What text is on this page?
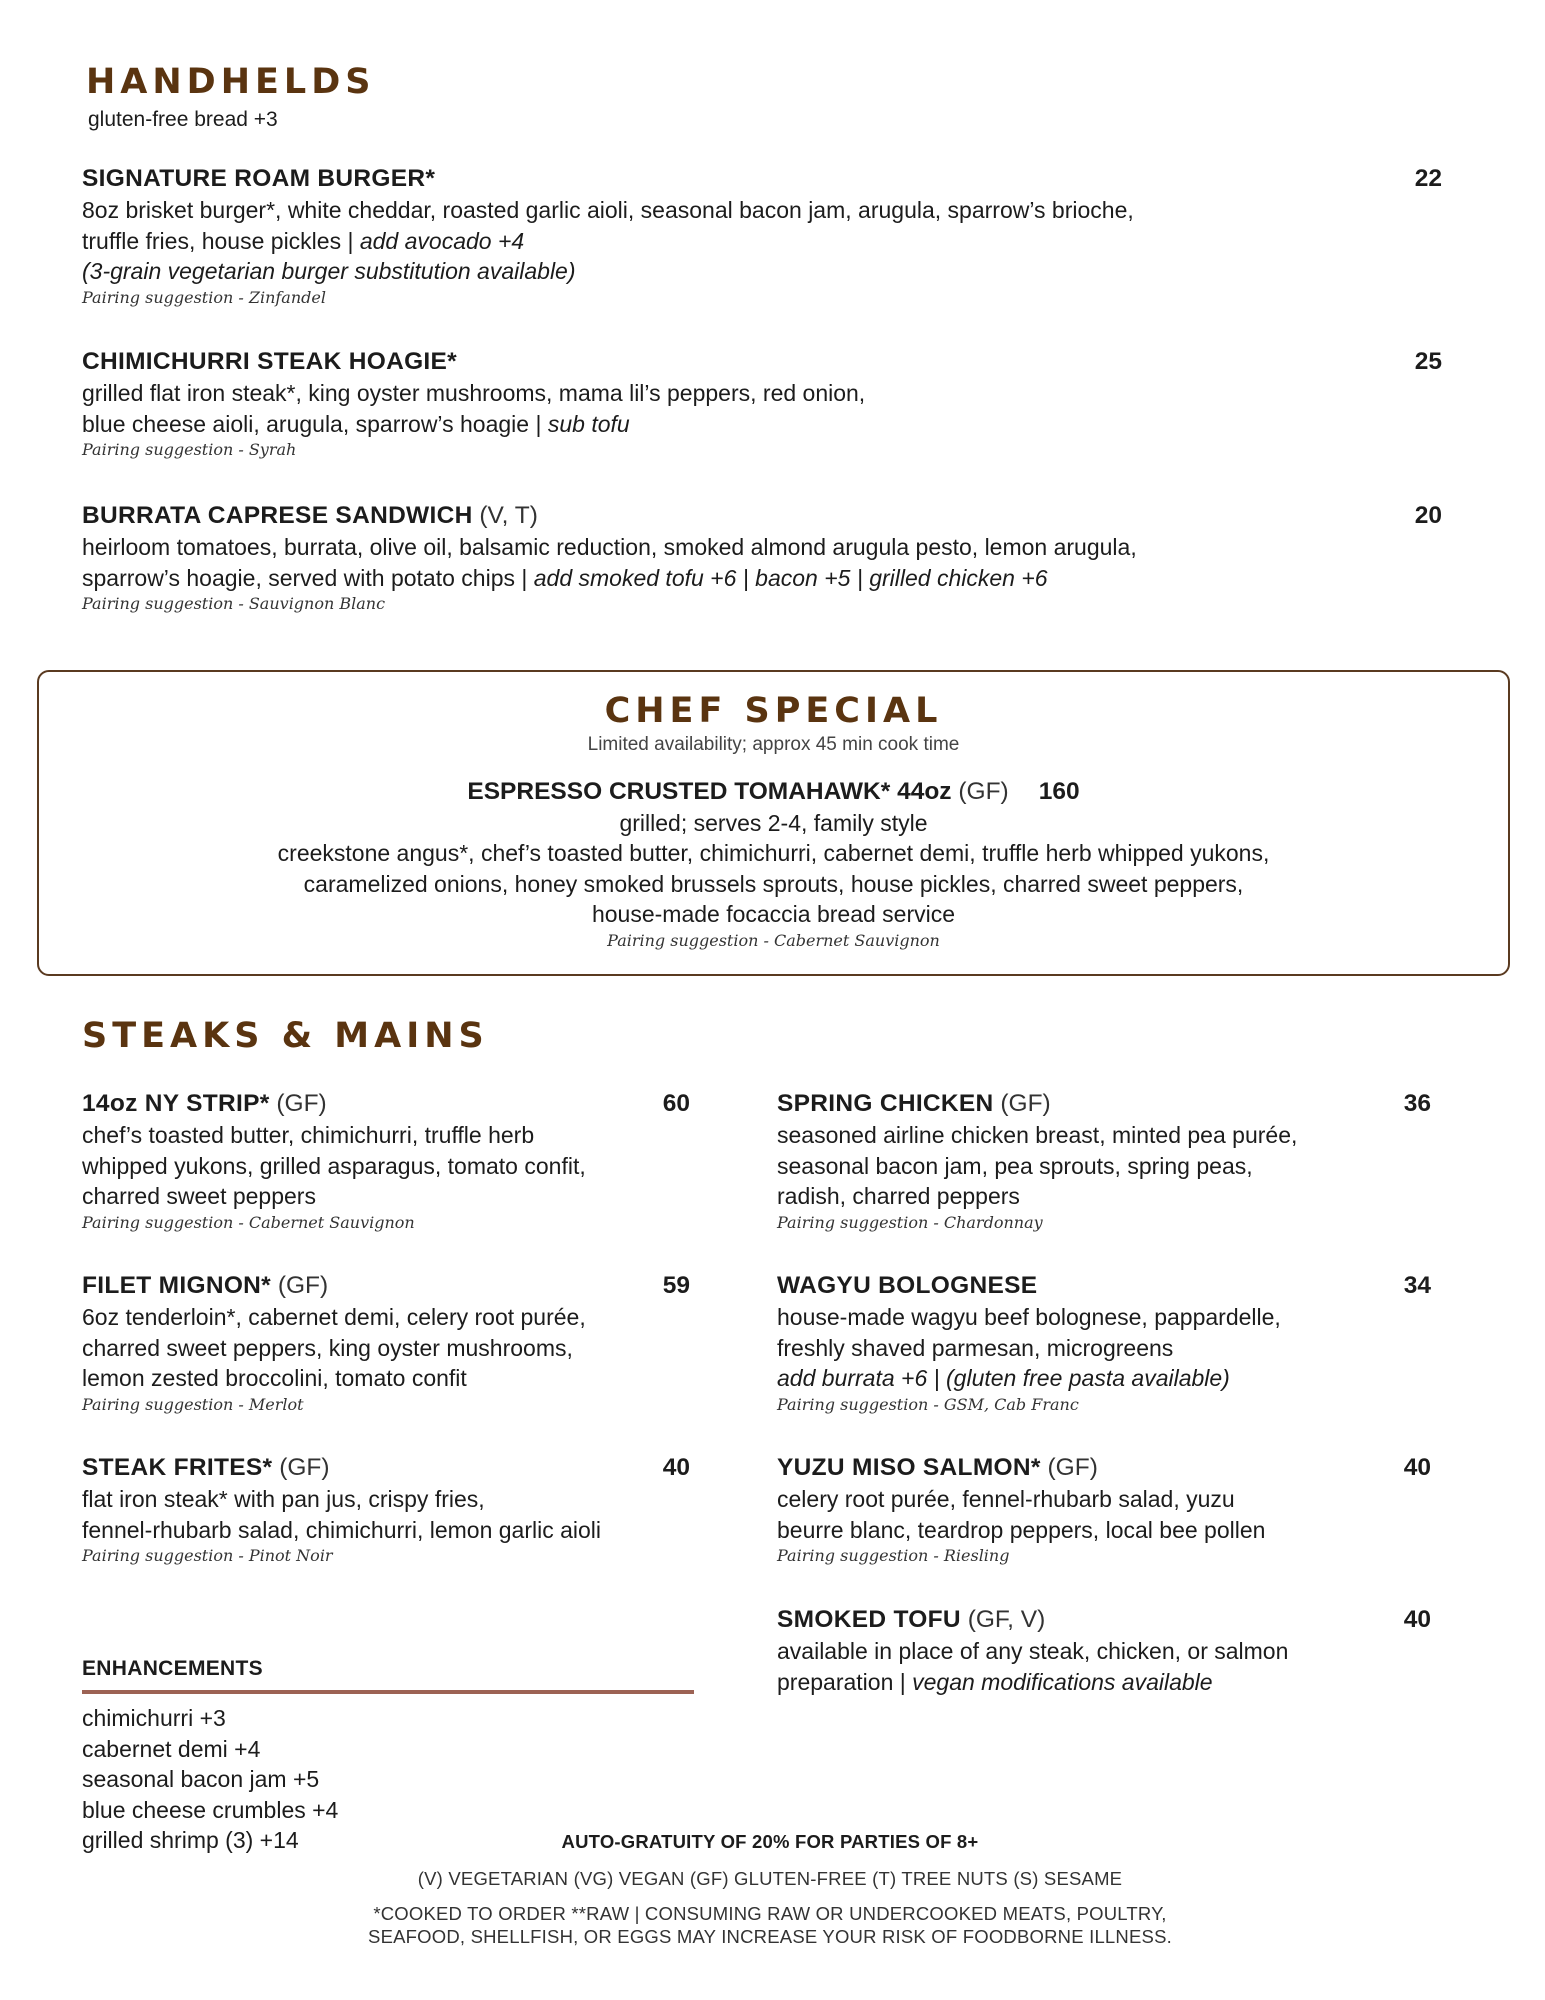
HANDHELDS
gluten-free bread +3
SIGNATURE ROAM BURGER*	22
8oz brisket burger*, white cheddar, roasted garlic aioli, seasonal bacon jam, arugula, sparrow’s brioche,
truffle fries, house pickles | add avocado +4
(3-grain vegetarian burger substitution available)
Pairing suggestion - Zinfandel
CHIMICHURRI STEAK HOAGIE*	25
grilled flat iron steak*, king oyster mushrooms, mama lil’s peppers, red onion,
blue cheese aioli, arugula, sparrow’s hoagie | sub tofu
Pairing suggestion - Syrah
BURRATA CAPRESE SANDWICH (V, T)	20
heirloom tomatoes, burrata, olive oil, balsamic reduction, smoked almond arugula pesto, lemon arugula,
sparrow’s hoagie, served with potato chips | add smoked tofu +6 | bacon +5 | grilled chicken +6
Pairing suggestion - Sauvignon Blanc
CHEF SPECIAL
Limited availability; approx 45 min cook time
ESPRESSO CRUSTED TOMAHAWK* 44oz (GF) 160
grilled; serves 2-4, family style
creekstone angus*, chef’s toasted butter, chimichurri, cabernet demi, truffle herb whipped yukons,
caramelized onions, honey smoked brussels sprouts, house pickles, charred sweet peppers,
house-made focaccia bread service
Pairing suggestion - Cabernet Sauvignon
STEAKS & MAINS
14oz NY STRIP* (GF)	60
chef’s toasted butter, chimichurri, truffle herb
whipped yukons, grilled asparagus, tomato confit,
charred sweet peppers
Pairing suggestion - Cabernet Sauvignon
FILET MIGNON* (GF)	59
6oz tenderloin*, cabernet demi, celery root purée,
charred sweet peppers, king oyster mushrooms,
lemon zested broccolini, tomato confit
Pairing suggestion - Merlot
STEAK FRITES* (GF)	40
flat iron steak* with pan jus, crispy fries,
fennel-rhubarb salad, chimichurri, lemon garlic aioli
Pairing suggestion - Pinot Noir
SPRING CHICKEN (GF)	36
seasoned airline chicken breast, minted pea purée,
seasonal bacon jam, pea sprouts, spring peas,
radish, charred peppers
Pairing suggestion - Chardonnay
WAGYU BOLOGNESE	34
house-made wagyu beef bolognese, pappardelle,
freshly shaved parmesan, microgreens
add burrata +6 | (gluten free pasta available)
Pairing suggestion - GSM, Cab Franc
YUZU MISO SALMON* (GF)	40
celery root purée, fennel-rhubarb salad, yuzu
beurre blanc, teardrop peppers, local bee pollen
Pairing suggestion - Riesling
SMOKED TOFU (GF, V)	40
available in place of any steak, chicken, or salmon
preparation | vegan modifications available
ENHANCEMENTS
chimichurri +3
cabernet demi +4
seasonal bacon jam +5
blue cheese crumbles +4
grilled shrimp (3) +14	AUTO-GRATUITY OF 20% FOR PARTIES OF 8+
(V) VEGETARIAN (VG) VEGAN (GF) GLUTEN-FREE (T) TREE NUTS (S) SESAME
*COOKED TO ORDER **RAW | CONSUMING RAW OR UNDERCOOKED MEATS, POULTRY,
SEAFOOD, SHELLFISH, OR EGGS MAY INCREASE YOUR RISK OF FOODBORNE ILLNESS.
